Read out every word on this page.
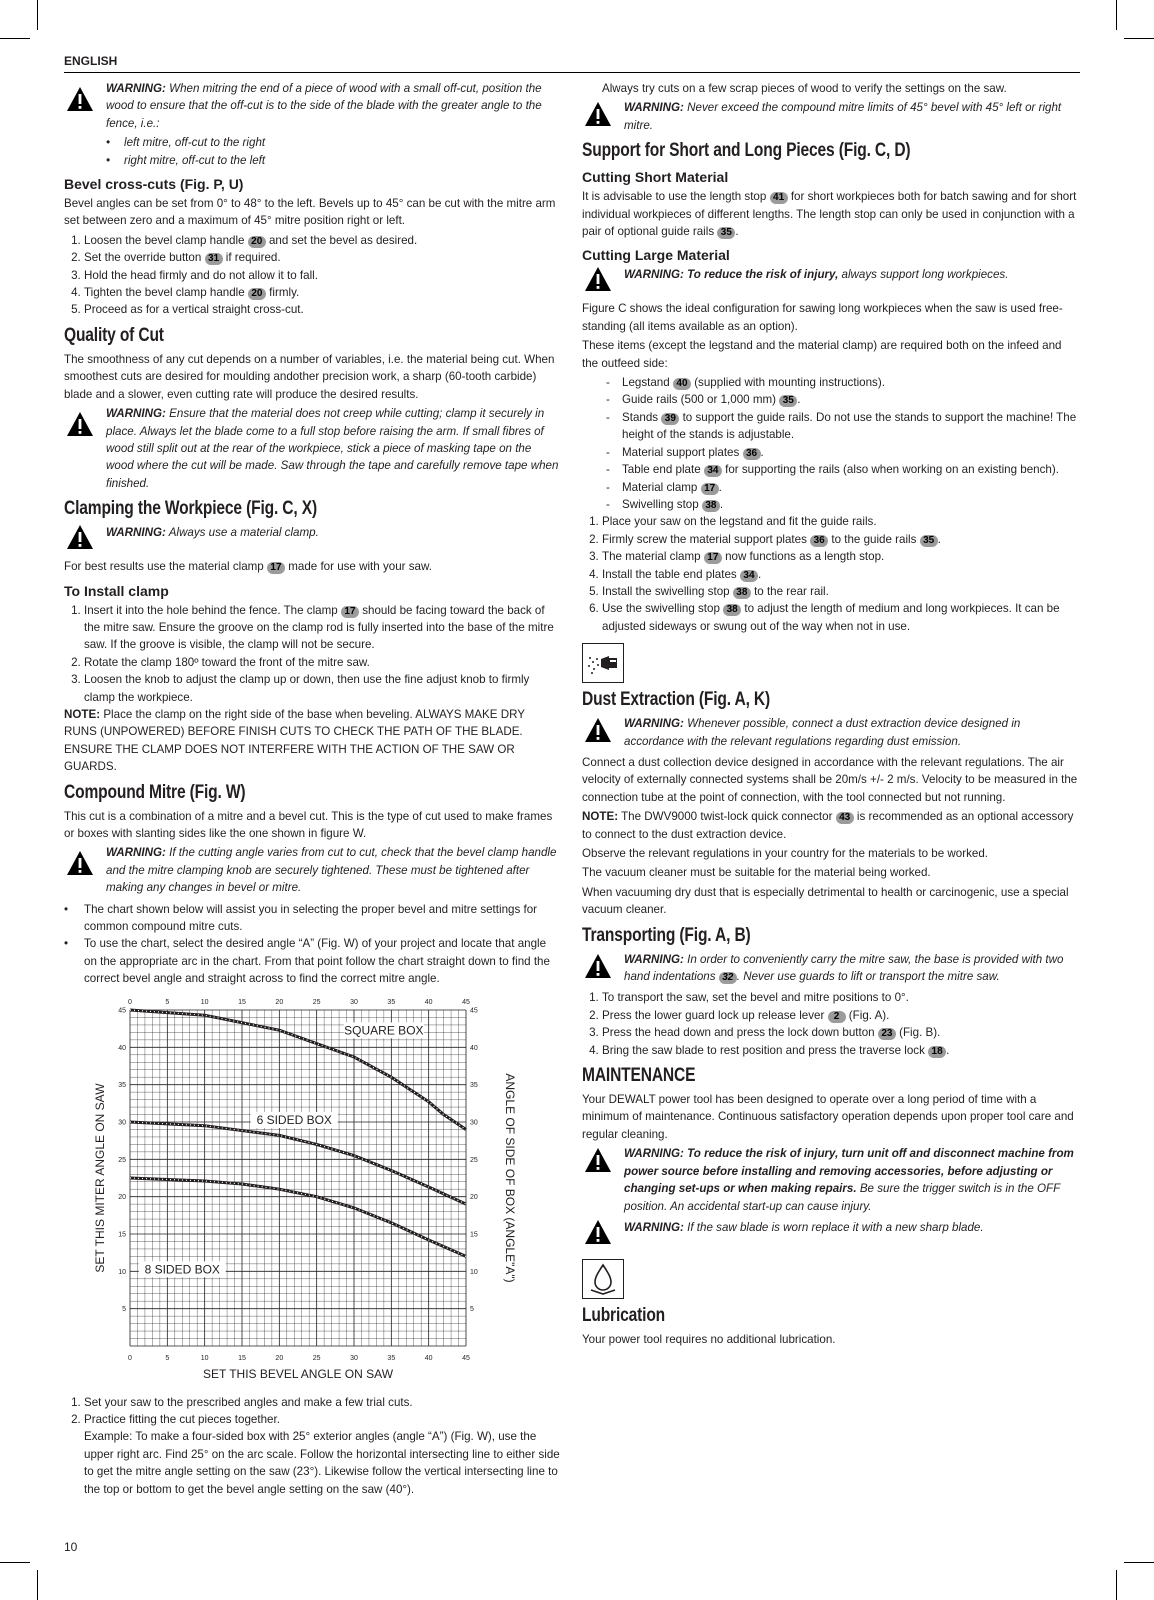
ENGLISH
WARNING: When mitring the end of a piece of wood with a small off-cut, position the wood to ensure that the off-cut is to the side of the blade with the greater angle to the fence, i.e.:
• left mitre, off-cut to the right
• right mitre, off-cut to the left
Bevel cross-cuts (Fig. P, U)

Bevel angles can be set from 0° to 48° to the left. Bevels up to 45° can be cut with the mitre arm set between zero and a maximum of 45° mitre position right or left.

1. Loosen the bevel clamp handle 20 and set the bevel as desired.
2. Set the override button 31 if required.
3. Hold the head firmly and do not allow it to fall.
4. Tighten the bevel clamp handle 20 firmly.
5. Proceed as for a vertical straight cross-cut.
Quality of Cut

The smoothness of any cut depends on a number of variables, i.e. the material being cut. When smoothest cuts are desired for moulding andother precision work, a sharp (60-tooth carbide) blade and a slower, even cutting rate will produce the desired results.

WARNING: Ensure that the material does not creep while cutting; clamp it securely in place. Always let the blade come to a full stop before raising the arm. If small fibres of wood still split out at the rear of the workpiece, stick a piece of masking tape on the wood where the cut will be made. Saw through the tape and carefully remove tape when finished.
Clamping the Workpiece (Fig. C, X)
WARNING: Always use a material clamp.

For best results use the material clamp 17 made for use with your saw.

To Install clamp
1. Insert it into the hole behind the fence. The clamp 17 should be facing toward the back of the mitre saw. Ensure the groove on the clamp rod is fully inserted into the base of the mitre saw. If the groove is visible, the clamp will not be secure.
2. Rotate the clamp 180º toward the front of the mitre saw.
3. Loosen the knob to adjust the clamp up or down, then use the fine adjust knob to firmly clamp the workpiece.

NOTE: Place the clamp on the right side of the base when beveling. ALWAYS MAKE DRY RUNS (UNPOWERED) BEFORE FINISH CUTS TO CHECK THE PATH OF THE BLADE. ENSURE THE CLAMP DOES NOT INTERFERE WITH THE ACTION OF THE SAW OR GUARDS.

Compound Mitre (Fig. W)

This cut is a combination of a mitre and a bevel cut. This is the type of cut used to make frames or boxes with slanting sides like the one shown in figure W.

WARNING: If the cutting angle varies from cut to cut, check that the bevel clamp handle and the mitre clamping knob are securely tightened. These must be tightened after making any changes in bevel or mitre.
• The chart shown below will assist you in selecting the proper bevel and mitre settings for common compound mitre cuts.
• To use the chart, select the desired angle “A” (Fig. W) of your project and locate that angle on the appropriate arc in the chart. From that point follow the chart straight down to find the correct bevel angle and straight across to find the correct mitre angle.
0
0
5
5
10
10
15
15
20
20
25
25
30
30
35
35
40
40
45
45
5	5
10	10
15	15
20	20
25	25
30	30
35	35
40	40
45	45
SQUARE BOX
6 SIDED BOX
8 SIDED BOX
SET THIS BEVEL ANGLE ON SAW
SET THIS MITER ANGLE ON SAW	ANGLE OF SIDE OF BOX (ANGLE"A")
1. Set your saw to the prescribed angles and make a few trial cuts.
2. Practice fitting the cut pieces together.
Example: To make a four-sided box with 25° exterior angles (angle “A”) (Fig. W), use the upper right arc. Find 25° on the arc scale. Follow the horizontal intersecting line to either side to get the mitre angle setting on the saw (23°). Likewise follow the vertical intersecting line to the top or bottom to get the bevel angle setting on the saw (40°).

Always try cuts on a few scrap pieces of wood to verify the settings on the saw.

WARNING: Never exceed the compound mitre limits of 45° bevel with 45° left or right mitre.
Support for Short and Long Pieces (Fig. C, D)
Cutting Short Material

It is advisable to use the length stop 41 for short workpieces both for batch sawing and for short individual workpieces of different lengths. The length stop can only be used in conjunction with a pair of optional guide rails 35 .

Cutting Large Material
WARNING: To reduce the risk of injury, always support long workpieces.

Figure C shows the ideal configuration for sawing long workpieces when the saw is used free-standing (all items available as an option).

These items (except the legstand and the material clamp) are required both on the infeed and the outfeed side:

- Legstand 40 (supplied with mounting instructions).
- Guide rails (500 or 1,000 mm) 35 .
- Stands 39 to support the guide rails. Do not use the stands to support the machine! The height of the stands is adjustable.
- Material support plates 36 .
- Table end plate 34 for supporting the rails (also when working on an existing bench).
- Material clamp 17 .
- Swivelling stop 38 .
1. Place your saw on the legstand and fit the guide rails.
2. Firmly screw the material support plates 36 to the guide rails 35 .
3. The material clamp 17 now functions as a length stop.
4. Install the table end plates 34 .
5. Install the swivelling stop 38 to the rear rail.
6. Use the swivelling stop 38 to adjust the length of medium and long workpieces. It can be adjusted sideways or swung out of the way when not in use.
Dust Extraction (Fig. A, K)
WARNING: Whenever possible, connect a dust extraction device designed in accordance with the relevant regulations regarding dust emission.

Connect a dust collection device designed in accordance with the relevant regulations. The air velocity of externally connected systems shall be 20m/s +/- 2 m/s. Velocity to be measured in the connection tube at the point of connection, with the tool connected but not running.

NOTE: The DWV9000 twist-lock quick connector 43 is recommended as an optional accessory to connect to the dust extraction device.

Observe the relevant regulations in your country for the materials to be worked.

The vacuum cleaner must be suitable for the material being worked.

When vacuuming dry dust that is especially detrimental to health or carcinogenic, use a special vacuum cleaner.

Transporting (Fig. A, B)
WARNING: In order to conveniently carry the mitre saw, the base is provided with two hand indentations 32 . Never use guards to lift or transport the mitre saw.
1. To transport the saw, set the bevel and mitre positions to 0°.
2. Press the lower guard lock up release lever 2 (Fig. A).
3. Press the head down and press the lock down button 23 (Fig. B).
4. Bring the saw blade to rest position and press the traverse lock 18 .
MAINTENANCE

Your DEWALT power tool has been designed to operate over a long period of time with a minimum of maintenance. Continuous satisfactory operation depends upon proper tool care and regular cleaning.

WARNING: To reduce the risk of injury, turn unit off and disconnect machine from power source before installing and removing accessories, before adjusting or changing set-ups or when making repairs. Be sure the trigger switch is in the OFF position. An accidental start-up can cause injury.
WARNING: If the saw blade is worn replace it with a new sharp blade.
Lubrication

Your power tool requires no additional lubrication.

10
